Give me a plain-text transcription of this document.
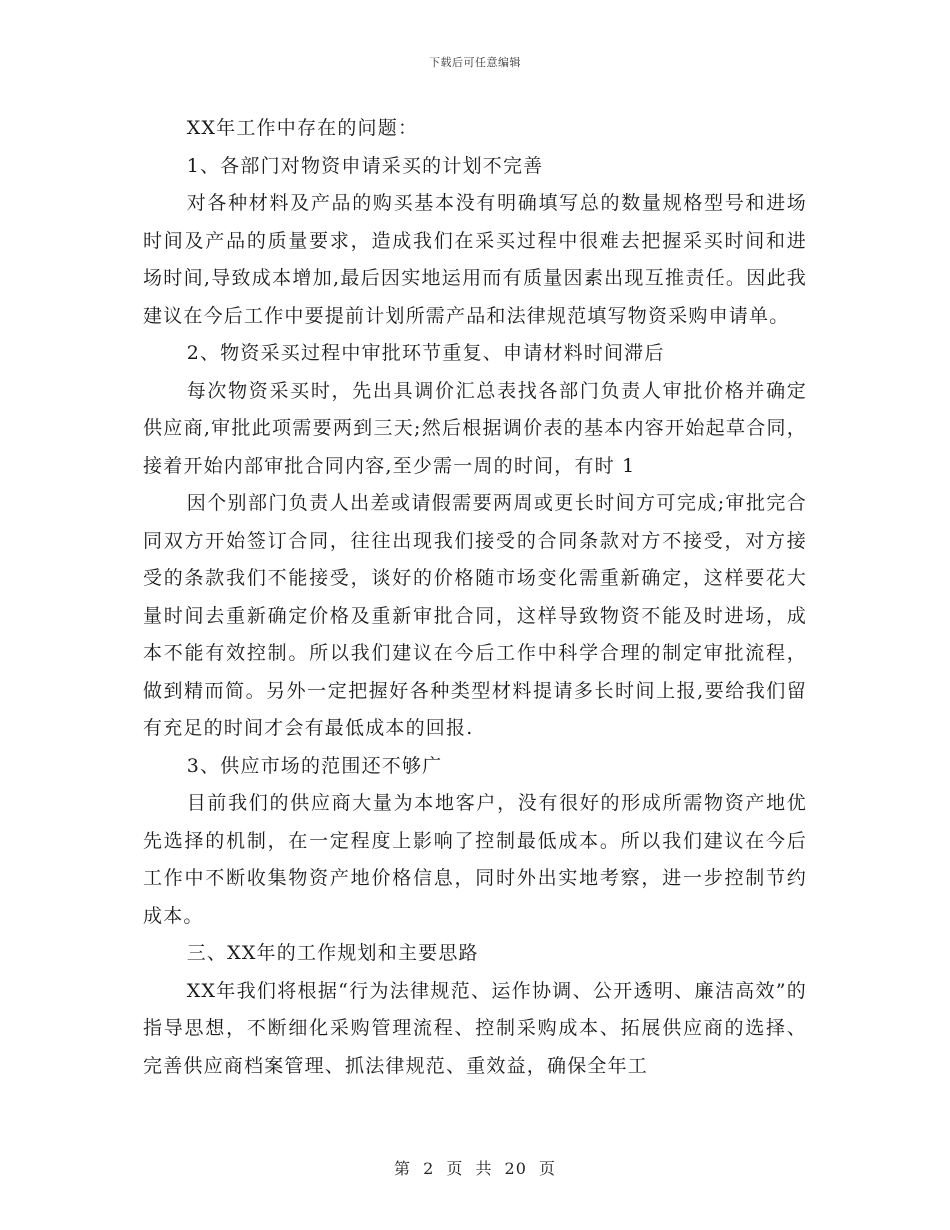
下载后可任意编辑

XX年工作中存在的问题：

1、各部门对物资申请采买的计划不完善

对各种材料及产品的购买基本没有明确填写总的数量规格型号和进场时间及产品的质量要求，造成我们在采买过程中很难去把握采买时间和进场时间,导致成本增加,最后因实地运用而有质量因素出现互推责任。因此我建议在今后工作中要提前计划所需产品和法律规范填写物资采购申请单。

2、物资采买过程中审批环节重复、申请材料时间滞后

每次物资采买时，先出具调价汇总表找各部门负责人审批价格并确定供应商,审批此项需要两到三天;然后根据调价表的基本内容开始起草合同，接着开始内部审批合同内容,至少需一周的时间，有时 1

因个别部门负责人出差或请假需要两周或更长时间方可完成;审批完合同双方开始签订合同，往往出现我们接受的合同条款对方不接受，对方接受的条款我们不能接受，谈好的价格随市场变化需重新确定，这样要花大量时间去重新确定价格及重新审批合同，这样导致物资不能及时进场，成本不能有效控制。所以我们建议在今后工作中科学合理的制定审批流程，做到精而简。另外一定把握好各种类型材料提请多长时间上报,要给我们留有充足的时间才会有最低成本的回报.

3、供应市场的范围还不够广

目前我们的供应商大量为本地客户，没有很好的形成所需物资产地优先选择的机制，在一定程度上影响了控制最低成本。所以我们建议在今后工作中不断收集物资产地价格信息，同时外出实地考察，进一步控制节约成本。

三、XX年的工作规划和主要思路

XX年我们将根据“行为法律规范、运作协调、公开透明、廉洁高效”的指导思想，不断细化采购管理流程、控制采购成本、拓展供应商的选择、完善供应商档案管理、抓法律规范、重效益，确保全年工

第 2 页 共 20 页
